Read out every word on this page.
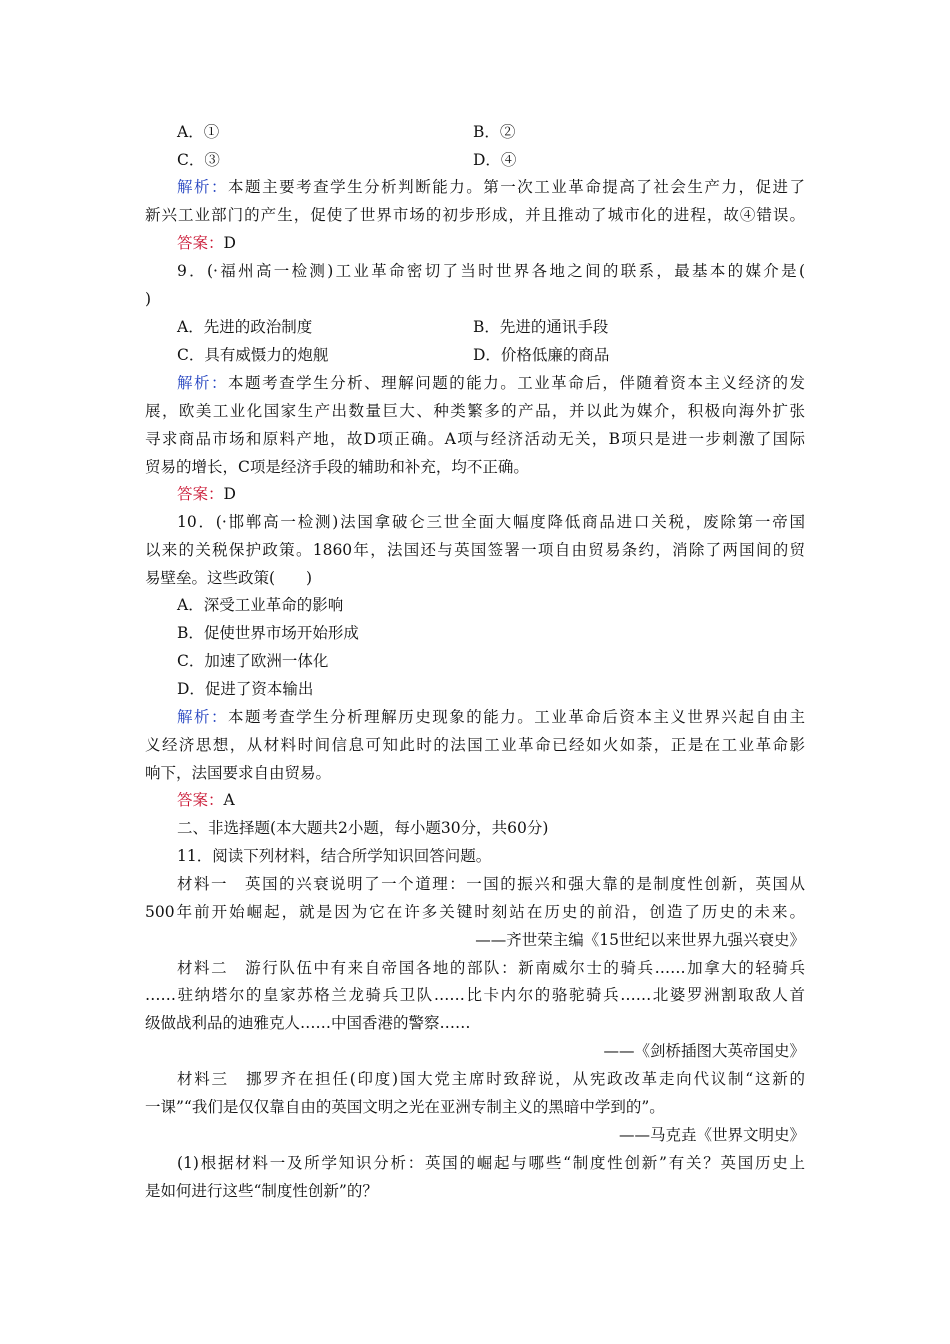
A．①	B．②
C．③	D．④
解析：本题主要考查学生分析判断能力。第一次工业革命提高了社会生产力，促进了
新兴工业部门的产生，促使了世界市场的初步形成，并且推动了城市化的进程，故④错误。
答案：D
9．(·福州高一检测)工业革命密切了当时世界各地之间的联系，最基本的媒介是(
)
A．先进的政治制度	B．先进的通讯手段
C．具有威慑力的炮舰	D．价格低廉的商品
解析：本题考查学生分析、理解问题的能力。工业革命后，伴随着资本主义经济的发
展，欧美工业化国家生产出数量巨大、种类繁多的产品，并以此为媒介，积极向海外扩张
寻求商品市场和原料产地，故D项正确。A项与经济活动无关，B项只是进一步刺激了国际
贸易的增长，C项是经济手段的辅助和补充，均不正确。
答案：D
10．(·邯郸高一检测)法国拿破仑三世全面大幅度降低商品进口关税，废除第一帝国
以来的关税保护政策。1860年，法国还与英国签署一项自由贸易条约，消除了两国间的贸
易壁垒。这些政策(　　)
A．深受工业革命的影响
B．促使世界市场开始形成
C．加速了欧洲一体化
D．促进了资本输出
解析：本题考查学生分析理解历史现象的能力。工业革命后资本主义世界兴起自由主
义经济思想，从材料时间信息可知此时的法国工业革命已经如火如荼，正是在工业革命影
响下，法国要求自由贸易。
答案：A
二、非选择题(本大题共2小题，每小题30分，共60分)
11．阅读下列材料，结合所学知识回答问题。
材料一　英国的兴衰说明了一个道理：一国的振兴和强大靠的是制度性创新，英国从
500年前开始崛起，就是因为它在许多关键时刻站在历史的前沿，创造了历史的未来。
——齐世荣主编《15世纪以来世界九强兴衰史》
材料二　游行队伍中有来自帝国各地的部队：新南威尔士的骑兵……加拿大的轻骑兵
……驻纳塔尔的皇家苏格兰龙骑兵卫队……比卡内尔的骆驼骑兵……北婆罗洲割取敌人首
级做战利品的迪雅克人……中国香港的警察……
——《剑桥插图大英帝国史》
材料三　挪罗齐在担任(印度)国大党主席时致辞说，从宪政改革走向代议制“这新的
一课”“我们是仅仅靠自由的英国文明之光在亚洲专制主义的黑暗中学到的”。
——马克垚《世界文明史》
(1)根据材料一及所学知识分析：英国的崛起与哪些“制度性创新”有关？英国历史上
是如何进行这些“制度性创新”的？
